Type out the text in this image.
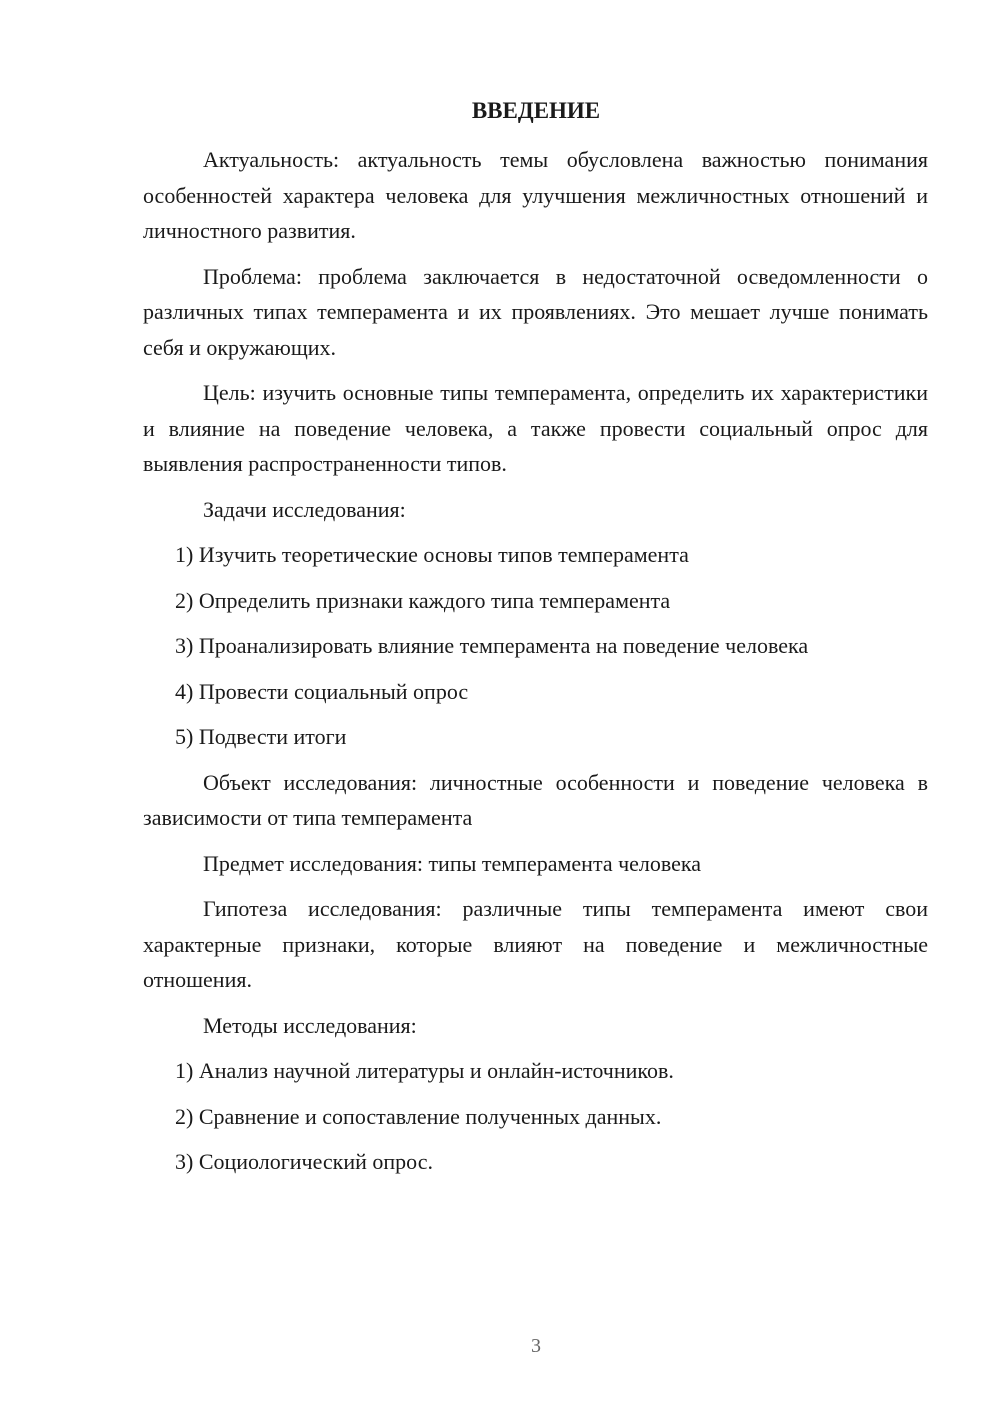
ВВЕДЕНИЕ

Актуальность: актуальность темы обусловлена важностью понимания особенностей характера человека для улучшения межличностных отношений и личностного развития.

Проблема: проблема заключается в недостаточной осведомленности о различных типах темперамента и их проявлениях. Это мешает лучше понимать себя и окружающих.

Цель: изучить основные типы темперамента, определить их характеристики и влияние на поведение человека, а также провести социальный опрос для выявления распространенности типов.

Задачи исследования:

1) Изучить теоретические основы типов темперамента
2) Определить признаки каждого типа темперамента
3) Проанализировать влияние темперамента на поведение человека
4) Провести социальный опрос
5) Подвести итоги

Объект исследования: личностные особенности и поведение человека в зависимости от типа темперамента

Предмет исследования: типы темперамента человека

Гипотеза исследования: различные типы темперамента имеют свои характерные признаки, которые влияют на поведение и межличностные отношения.

Методы исследования:

1) Анализ научной литературы и онлайн-источников.
2) Сравнение и сопоставление полученных данных.
3) Социологический опрос.
3
